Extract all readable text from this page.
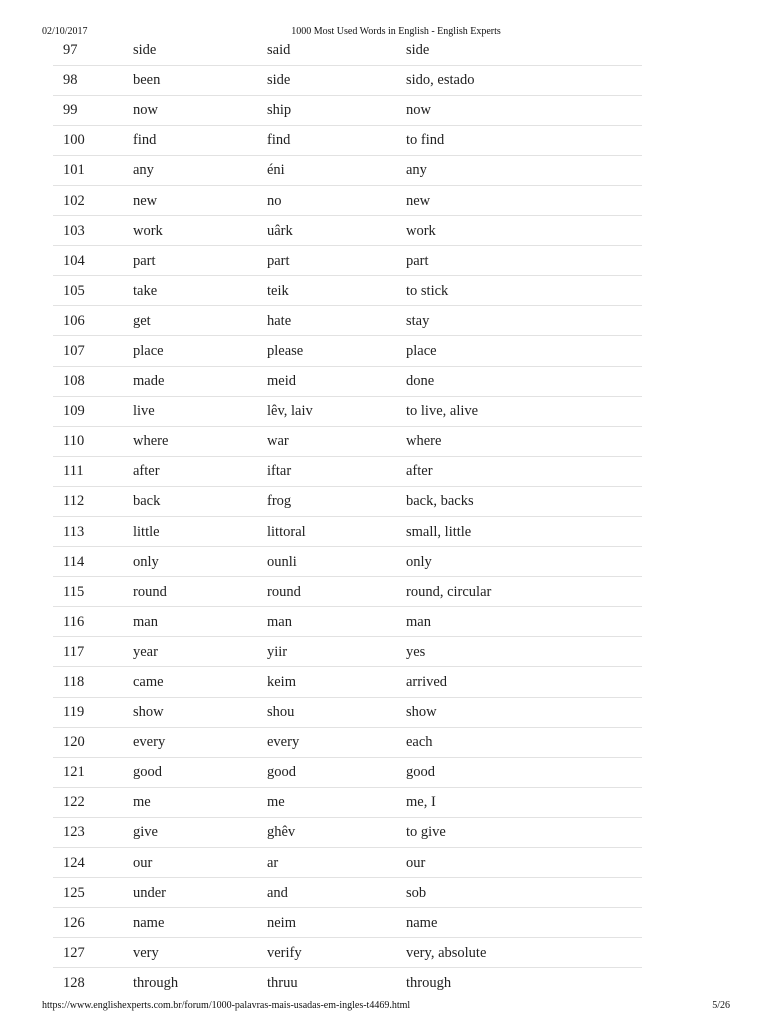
02/10/2017	1000 Most Used Words in English - English Experts
97	side	said	side
98	been	side	sido, estado
99	now	ship	now
100	find	find	to find
101	any	éni	any
102	new	no	new
103	work	uârk	work
104	part	part	part
105	take	teik	to stick
106	get	hate	stay
107	place	please	place
108	made	meid	done
109	live	lêv, laiv	to live, alive
110	where	war	where
111	after	iftar	after
112	back	frog	back, backs
113	little	littoral	small, little
114	only	ounli	only
115	round	round	round, circular
116	man	man	man
117	year	yiir	yes
118	came	keim	arrived
119	show	shou	show
120	every	every	each
121	good	good	good
122	me	me	me, I
123	give	ghêv	to give
124	our	ar	our
125	under	and	sob
126	name	neim	name
127	very	verify	very, absolute
128	through	thruu	through
https://www.englishexperts.com.br/forum/1000-palavras-mais-usadas-em-ingles-t4469.html	5/26
